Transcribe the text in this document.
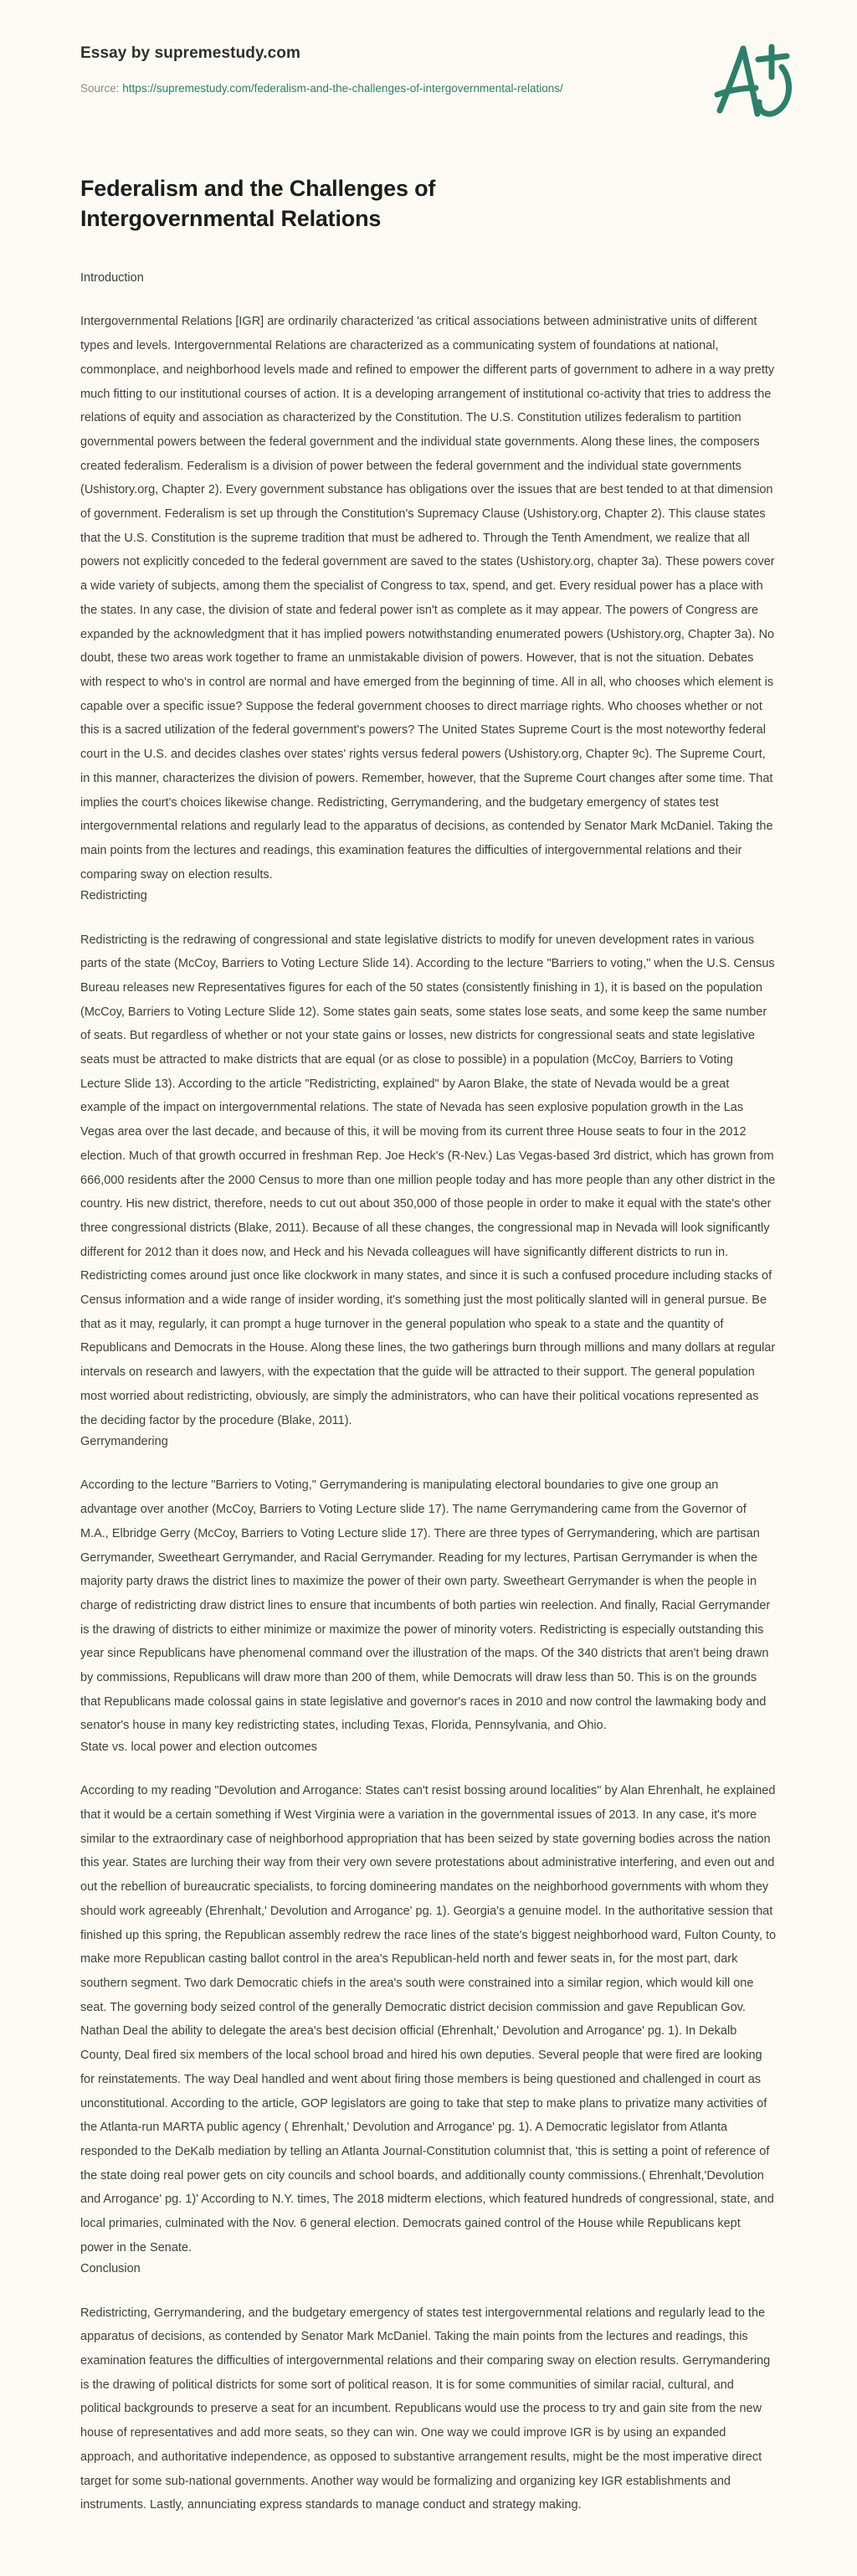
Essay by supremestudy.com
Source: https://supremestudy.com/federalism-and-the-challenges-of-intergovernmental-relations/
Federalism and the Challenges of Intergovernmental Relations
Introduction

Intergovernmental Relations [IGR] are ordinarily characterized 'as critical associations between administrative units of different types and levels. Intergovernmental Relations are characterized as a communicating system of foundations at national, commonplace, and neighborhood levels made and refined to empower the different parts of government to adhere in a way pretty much fitting to our institutional courses of action. It is a developing arrangement of institutional co-activity that tries to address the relations of equity and association as characterized by the Constitution. The U.S. Constitution utilizes federalism to partition governmental powers between the federal government and the individual state governments. Along these lines, the composers created federalism. Federalism is a division of power between the federal government and the individual state governments (Ushistory.org, Chapter 2). Every government substance has obligations over the issues that are best tended to at that dimension of government. Federalism is set up through the Constitution's Supremacy Clause (Ushistory.org, Chapter 2). This clause states that the U.S. Constitution is the supreme tradition that must be adhered to. Through the Tenth Amendment, we realize that all powers not explicitly conceded to the federal government are saved to the states (Ushistory.org, chapter 3a). These powers cover a wide variety of subjects, among them the specialist of Congress to tax, spend, and get. Every residual power has a place with the states. In any case, the division of state and federal power isn't as complete as it may appear. The powers of Congress are expanded by the acknowledgment that it has implied powers notwithstanding enumerated powers (Ushistory.org, Chapter 3a). No doubt, these two areas work together to frame an unmistakable division of powers. However, that is not the situation. Debates with respect to who's in control are normal and have emerged from the beginning of time. All in all, who chooses which element is capable over a specific issue? Suppose the federal government chooses to direct marriage rights. Who chooses whether or not this is a sacred utilization of the federal government's powers? The United States Supreme Court is the most noteworthy federal court in the U.S. and decides clashes over states' rights versus federal powers (Ushistory.org, Chapter 9c). The Supreme Court, in this manner, characterizes the division of powers. Remember, however, that the Supreme Court changes after some time. That implies the court's choices likewise change. Redistricting, Gerrymandering, and the budgetary emergency of states test intergovernmental relations and regularly lead to the apparatus of decisions, as contended by Senator Mark McDaniel. Taking the main points from the lectures and readings, this examination features the difficulties of intergovernmental relations and their comparing sway on election results.

Redistricting

Redistricting is the redrawing of congressional and state legislative districts to modify for uneven development rates in various parts of the state (McCoy, Barriers to Voting Lecture Slide 14). According to the lecture "Barriers to voting," when the U.S. Census Bureau releases new Representatives figures for each of the 50 states (consistently finishing in 1), it is based on the population (McCoy, Barriers to Voting Lecture Slide 12). Some states gain seats, some states lose seats, and some keep the same number of seats. But regardless of whether or not your state gains or losses, new districts for congressional seats and state legislative seats must be attracted to make districts that are equal (or as close to possible) in a population (McCoy, Barriers to Voting Lecture Slide 13). According to the article "Redistricting, explained" by Aaron Blake, the state of Nevada would be a great example of the impact on intergovernmental relations. The state of Nevada has seen explosive population growth in the Las Vegas area over the last decade, and because of this, it will be moving from its current three House seats to four in the 2012 election. Much of that growth occurred in freshman Rep. Joe Heck's (R-Nev.) Las Vegas-based 3rd district, which has grown from 666,000 residents after the 2000 Census to more than one million people today and has more people than any other district in the country. His new district, therefore, needs to cut out about 350,000 of those people in order to make it equal with the state's other three congressional districts (Blake, 2011). Because of all these changes, the congressional map in Nevada will look significantly different for 2012 than it does now, and Heck and his Nevada colleagues will have significantly different districts to run in. Redistricting comes around just once like clockwork in many states, and since it is such a confused procedure including stacks of Census information and a wide range of insider wording, it's something just the most politically slanted will in general pursue. Be that as it may, regularly, it can prompt a huge turnover in the general population who speak to a state and the quantity of Republicans and Democrats in the House. Along these lines, the two gatherings burn through millions and many dollars at regular intervals on research and lawyers, with the expectation that the guide will be attracted to their support. The general population most worried about redistricting, obviously, are simply the administrators, who can have their political vocations represented as the deciding factor by the procedure (Blake, 2011).

Gerrymandering

According to the lecture "Barriers to Voting," Gerrymandering is manipulating electoral boundaries to give one group an advantage over another (McCoy, Barriers to Voting Lecture slide 17). The name Gerrymandering came from the Governor of M.A., Elbridge Gerry (McCoy, Barriers to Voting Lecture slide 17). There are three types of Gerrymandering, which are partisan Gerrymander, Sweetheart Gerrymander, and Racial Gerrymander. Reading for my lectures, Partisan Gerrymander is when the majority party draws the district lines to maximize the power of their own party. Sweetheart Gerrymander is when the people in charge of redistricting draw district lines to ensure that incumbents of both parties win reelection. And finally, Racial Gerrymander is the drawing of districts to either minimize or maximize the power of minority voters. Redistricting is especially outstanding this year since Republicans have phenomenal command over the illustration of the maps. Of the 340 districts that aren't being drawn by commissions, Republicans will draw more than 200 of them, while Democrats will draw less than 50. This is on the grounds that Republicans made colossal gains in state legislative and governor's races in 2010 and now control the lawmaking body and senator's house in many key redistricting states, including Texas, Florida, Pennsylvania, and Ohio.

State vs. local power and election outcomes

According to my reading "Devolution and Arrogance: States can't resist bossing around localities" by Alan Ehrenhalt, he explained that it would be a certain something if West Virginia were a variation in the governmental issues of 2013. In any case, it's more similar to the extraordinary case of neighborhood appropriation that has been seized by state governing bodies across the nation this year. States are lurching their way from their very own severe protestations about administrative interfering, and even out and out the rebellion of bureaucratic specialists, to forcing domineering mandates on the neighborhood governments with whom they should work agreeably (Ehrenhalt,' Devolution and Arrogance' pg. 1). Georgia's a genuine model. In the authoritative session that finished up this spring, the Republican assembly redrew the race lines of the state's biggest neighborhood ward, Fulton County, to make more Republican casting ballot control in the area's Republican-held north and fewer seats in, for the most part, dark southern segment. Two dark Democratic chiefs in the area's south were constrained into a similar region, which would kill one seat. The governing body seized control of the generally Democratic district decision commission and gave Republican Gov. Nathan Deal the ability to delegate the area's best decision official (Ehrenhalt,' Devolution and Arrogance' pg. 1). In Dekalb County, Deal fired six members of the local school broad and hired his own deputies. Several people that were fired are looking for reinstatements. The way Deal handled and went about firing those members is being questioned and challenged in court as unconstitutional. According to the article, GOP legislators are going to take that step to make plans to privatize many activities of the Atlanta-run MARTA public agency ( Ehrenhalt,' Devolution and Arrogance' pg. 1). A Democratic legislator from Atlanta responded to the DeKalb mediation by telling an Atlanta Journal-Constitution columnist that, 'this is setting a point of reference of the state doing real power gets on city councils and school boards, and additionally county commissions.( Ehrenhalt,'Devolution and Arrogance' pg. 1)' According to N.Y. times, The 2018 midterm elections, which featured hundreds of congressional, state, and local primaries, culminated with the Nov. 6 general election. Democrats gained control of the House while Republicans kept power in the Senate.

Conclusion

Redistricting, Gerrymandering, and the budgetary emergency of states test intergovernmental relations and regularly lead to the apparatus of decisions, as contended by Senator Mark McDaniel. Taking the main points from the lectures and readings, this examination features the difficulties of intergovernmental relations and their comparing sway on election results. Gerrymandering is the drawing of political districts for some sort of political reason. It is for some communities of similar racial, cultural, and political backgrounds to preserve a seat for an incumbent. Republicans would use the process to try and gain site from the new house of representatives and add more seats, so they can win. One way we could improve IGR is by using an expanded approach, and authoritative independence, as opposed to substantive arrangement results, might be the most imperative direct target for some sub-national governments. Another way would be formalizing and organizing key IGR establishments and instruments. Lastly, annunciating express standards to manage conduct and strategy making.
